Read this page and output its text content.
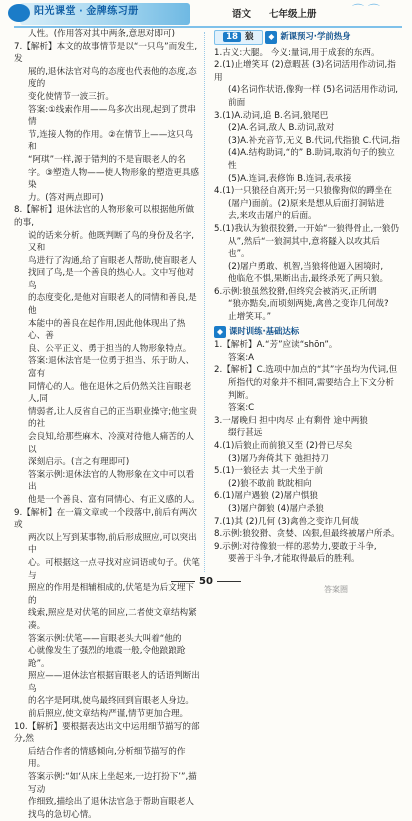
阳光课堂 · 金牌练习册	语文 七年级上册	⌒ ⌒

人性。(作用答对其中两条,意思对即可)

7.【解析】本文的故事情节是以“一只鸟”而发生,发

展的,退休法官对鸟的态度也代表他的态度,态度的

变化使情节一波三折。

答案:①线索作用——鸟多次出现,起到了贯串情

节,连接人物的作用。②在情节上——这只鸟和

“阿琪”一样,源于错判的不是盲眼老人的名

字。③塑造人物——使人物形象的塑造更具感染

力。(答对两点即可)

8.【解析】退休法官的人物形象可以根据他所做的事,

说的话来分析。他既判断了鸟的身份及名字,又和

鸟进行了沟通,给了盲眼老人帮助,使盲眼老人

找回了鸟,是一个善良的热心人。文中写他对鸟

的态度变化,是他对盲眼老人的同情和善良,是他

本能中的善良在起作用,因此他体现出了热心、善

良、公平正义、勇于担当的人物形象特点。

答案:退休法官是一位勇于担当、乐于助人、富有

同情心的人。他在退休之后仍然关注盲眼老人,同

情弱者,让人反省自己的正当职业操守;他宝贵的社

会良知,给那些麻木、冷漠对待他人痛苦的人以

深刻启示。(言之有理即可)

答案示例:退休法官的人物形象在文中可以看出

他是一个善良、富有同情心、有正义感的人。

9.【解析】在一篇文章或一个段落中,前后有两次或

两次以上写到某事物,前后形成照应,可以突出中

心。可根据这一点寻找对应词语或句子。伏笔与

照应的作用是相辅相成的,伏笔是为后文埋下的

线索,照应是对伏笔的回应,二者使文章结构紧凑。

答案示例:伏笔——盲眼老头大叫着“他的

心就像发生了强烈的地震一般,令他踉踉跄跄”。

照应——退休法官根据盲眼老人的话语判断出鸟

的名字是阿琪,使鸟最终回到盲眼老人身边。

前后照应,使文章结构严谨,情节更加合理。

10.【解析】要根据表达出文中运用细节描写的部分,然

后结合作者的情感倾向,分析细节描写的作用。

答案示例:“如‘从床上坐起来,一边打扮下’”,描写动

作细致,描绘出了退休法官急于帮助盲眼老人

找鸟的急切心情。

18 狼 ◆ 新课预习·学前热身

1.古义:大腿。 今义:量词,用于成套的东西。

2.(1)止增笑耳 (2)意暇甚 (3)名词活用作动词,指用

(4)名词作状语,像狗一样 (5)名词活用作动词,前面

3.(1)A.动词,追 B.名词,狼尾巴

(2)A.名词,敌人 B.动词,敌对

(3)A.补充音节,无义 B.代词,代指狼 C.代词,指

(4)A.结构助词,“的” B.助词,取消句子的独立性

(5)A.连词,表修饰 B.连词,表承接

4.(1)一只狼径自离开;另一只狼像狗似的蹲坐在

(屠户)面前。(2)原来是想从后面打洞钻进

去,来攻击屠户的后面。

5.(1)我认为狼很狡猾,一开始“一狼得骨止,一狼仍

从”,然后“一狼洞其中,意将隧入以攻其后也”。

(2)屠户勇敢、机智,当狼将他逼入困境时,

他临危不惧,果断出击,最终杀死了两只狼。

6.示例:狼虽然狡猾,但终究会被消灭,正所谓

“狼亦黠矣,而顷刻两毙,禽兽之变诈几何哉?

止增笑耳。”

◆ 课时训练·基础达标

1.【解析】A.“芳”应读“shōn”。

答案:A

2.【解析】C.选项中加点的“其”字虽均为代词,但

所指代的对象并不相同,需要结合上下文分析判断。

答案:C

3.一屠晚归 担中肉尽 止有剩骨 途中两狼

缀行甚远

4.(1)后狼止而前狼又至 (2)骨已尽矣

(3)屠乃奔倚其下 弛担持刀

5.(1)一狼径去 其一犬坐于前

(2)狼不敢前 眈眈相向

6.(1)屠户遇狼 (2)屠户惧狼

(3)屠户御狼 (4)屠户杀狼

7.(1)其 (2)几何 (3)禽兽之变诈几何哉

8.示例:狼狡猾、贪婪、凶狠,但最终被屠户所杀。

9.示例:对待像狼一样的恶势力,要敢于斗争,

要善于斗争,才能取得最后的胜利。

50
答案圈
